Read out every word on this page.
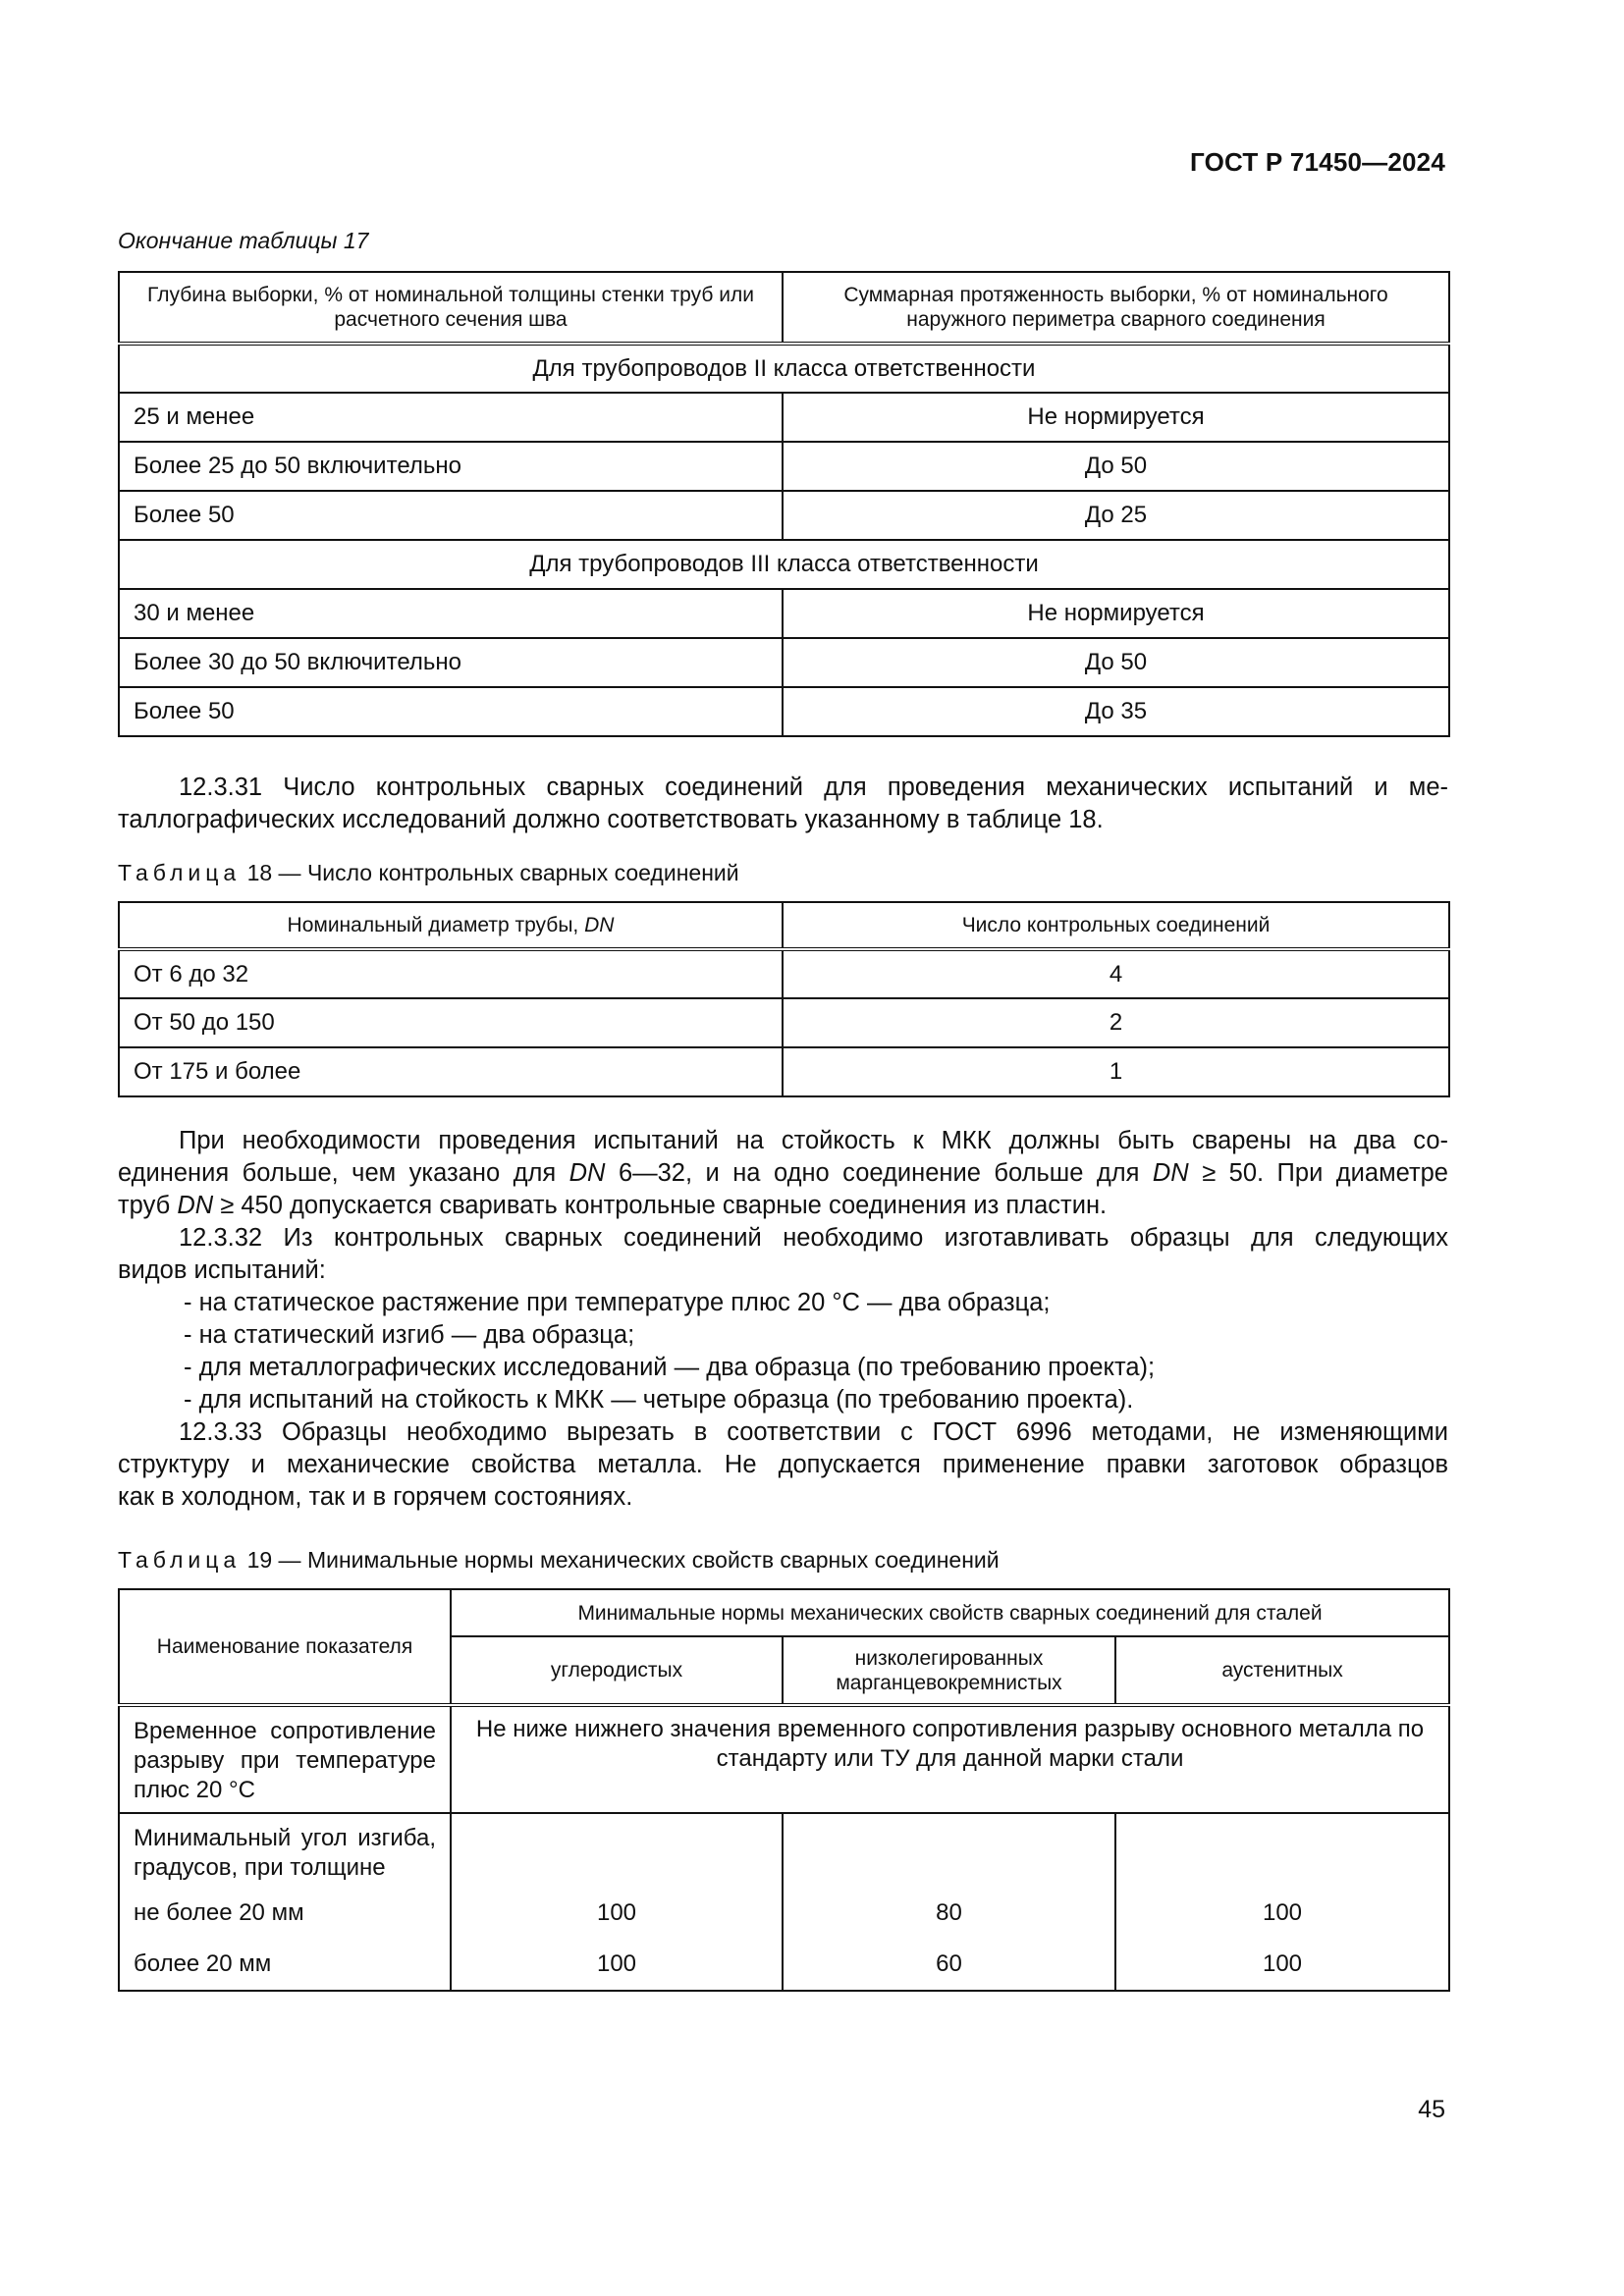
ГОСТ Р 71450—2024
Окончание таблицы 17
Глубина выборки, % от номинальной толщины стенки труб или расчетного сечения шва	Суммарная протяженность выборки, % от номинального наружного периметра сварного соединения
Для трубопроводов II класса ответственности	
25 и менее	Не нормируется
Более 25 до 50 включительно	До 50
Более 50	До 25
Для трубопроводов III класса ответственности	
30 и менее	Не нормируется
Более 30 до 50 включительно	До 50
Более 50	До 35

12.3.31 Число контрольных сварных соединений для проведения механических испытаний и ме-

таллографических исследований должно соответствовать указанному в таблице 18.

Таблица 18 — Число контрольных сварных соединений
Номинальный диаметр трубы, DN	Число контрольных соединений
От 6 до 32	4
От 50 до 150	2
От 175 и более	1

При необходимости проведения испытаний на стойкость к МКК должны быть сварены на два со-

единения больше, чем указано для DN 6—32, и на одно соединение больше для DN ≥ 50. При диаметре

труб DN ≥ 450 допускается сваривать контрольные сварные соединения из пластин.

12.3.32 Из контрольных сварных соединений необходимо изготавливать образцы для следующих

видов испытаний:

- на статическое растяжение при температуре плюс 20 °С — два образца;

- на статический изгиб — два образца;

- для металлографических исследований — два образца (по требованию проекта);

- для испытаний на стойкость к МКК — четыре образца (по требованию проекта).

12.3.33 Образцы необходимо вырезать в соответствии с ГОСТ 6996 методами, не изменяющими

структуру и механические свойства металла. Не допускается применение правки заготовок образцов

как в холодном, так и в горячем состояниях.

Таблица 19 — Минимальные нормы механических свойств сварных соединений
Наименование показателя	Минимальные нормы механических свойств сварных соединений для сталей		
	углеродистых	низколегированных марганцевокремнистых	аустенитных
Временное сопротивление разрыву при температуре плюс 20 °С	Не ниже нижнего значения временного сопротивления разрыву основного металла по стандарту или ТУ для данной марки стали		
Минимальный угол изгиба, градусов, при толщине			
не более 20 мм	100	80	100
более 20 мм	100	60	100
45
